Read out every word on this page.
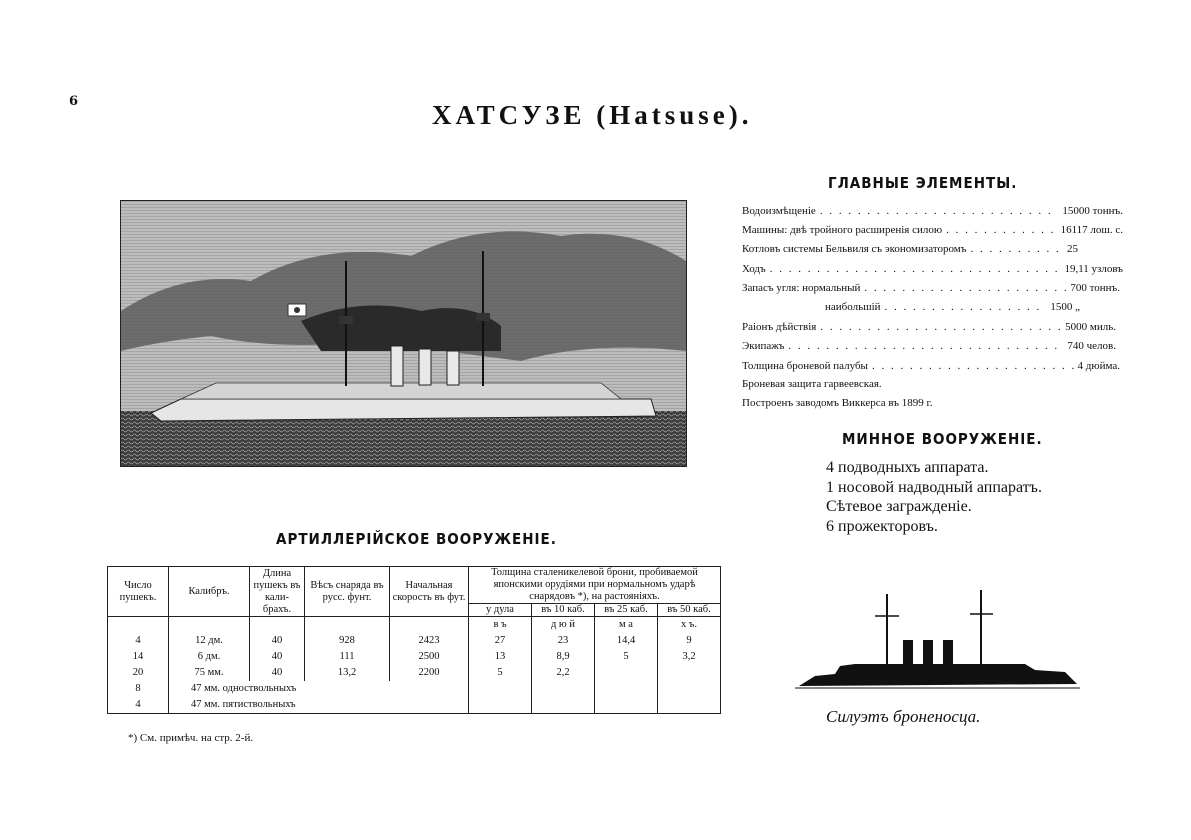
6	ХАТСУЗЕ (Hatsuse).
ГЛАВНЫЕ ЭЛЕМЕНТЫ.
Водоизмѣщеніе . . .	15000 тоннъ.
Машины: двѣ тройного расширенія силою . . .	16117 лош. с.
Котловъ системы Бельвиля съ экономизаторомъ . . .	25
Ходъ . . .	19,11 узловъ
Запасъ угля: нормальный . . .	700 тоннъ.
наибольшій . . .	1500 „
Раіонъ дѣйствія . . .	5000 миль.
Экипажъ . . .	740 челов.
Толщина броневой палубы . . .	4 дюйма.
Броневая защита гарвеевская.
Построенъ заводомъ Виккерса въ 1899 г.
МИННОЕ ВООРУЖЕНІЕ.
4 подводныхъ аппарата.
1 носовой надводный аппаратъ.
Сѣтевое загражденіе.
6 прожекторовъ.
АРТИЛЛЕРІЙСКОЕ ВООРУЖЕНІЕ.
Число пушекъ.	Калибръ.	Длина пушекъ въ кали-брахъ.	Вѣсъ снаряда въ русс. фунт.	Начальная скорость въ фут.	Толщина сталеникелевой брони, пробиваемой японскими орудіями при нормальномъ ударѣ снарядовъ *), на растояніяхъ.			
					у дула	въ 10 каб.	въ 25 каб.	въ 50 каб.
					в ъ	д ю й	м а	х ъ.
4	12 дм.	40	928	2423	27	23	14,4	9
14	6 дм.	40	111	2500	13	8,9	5	3,2
20	75 мм.	40	13,2	2200	5	2,2		
8	47 мм. одноствольныхъ							
4	47 мм. пятиствольныхъ							
*) См. примѣч. на стр. 2-й.
Силуэтъ броненосца.
